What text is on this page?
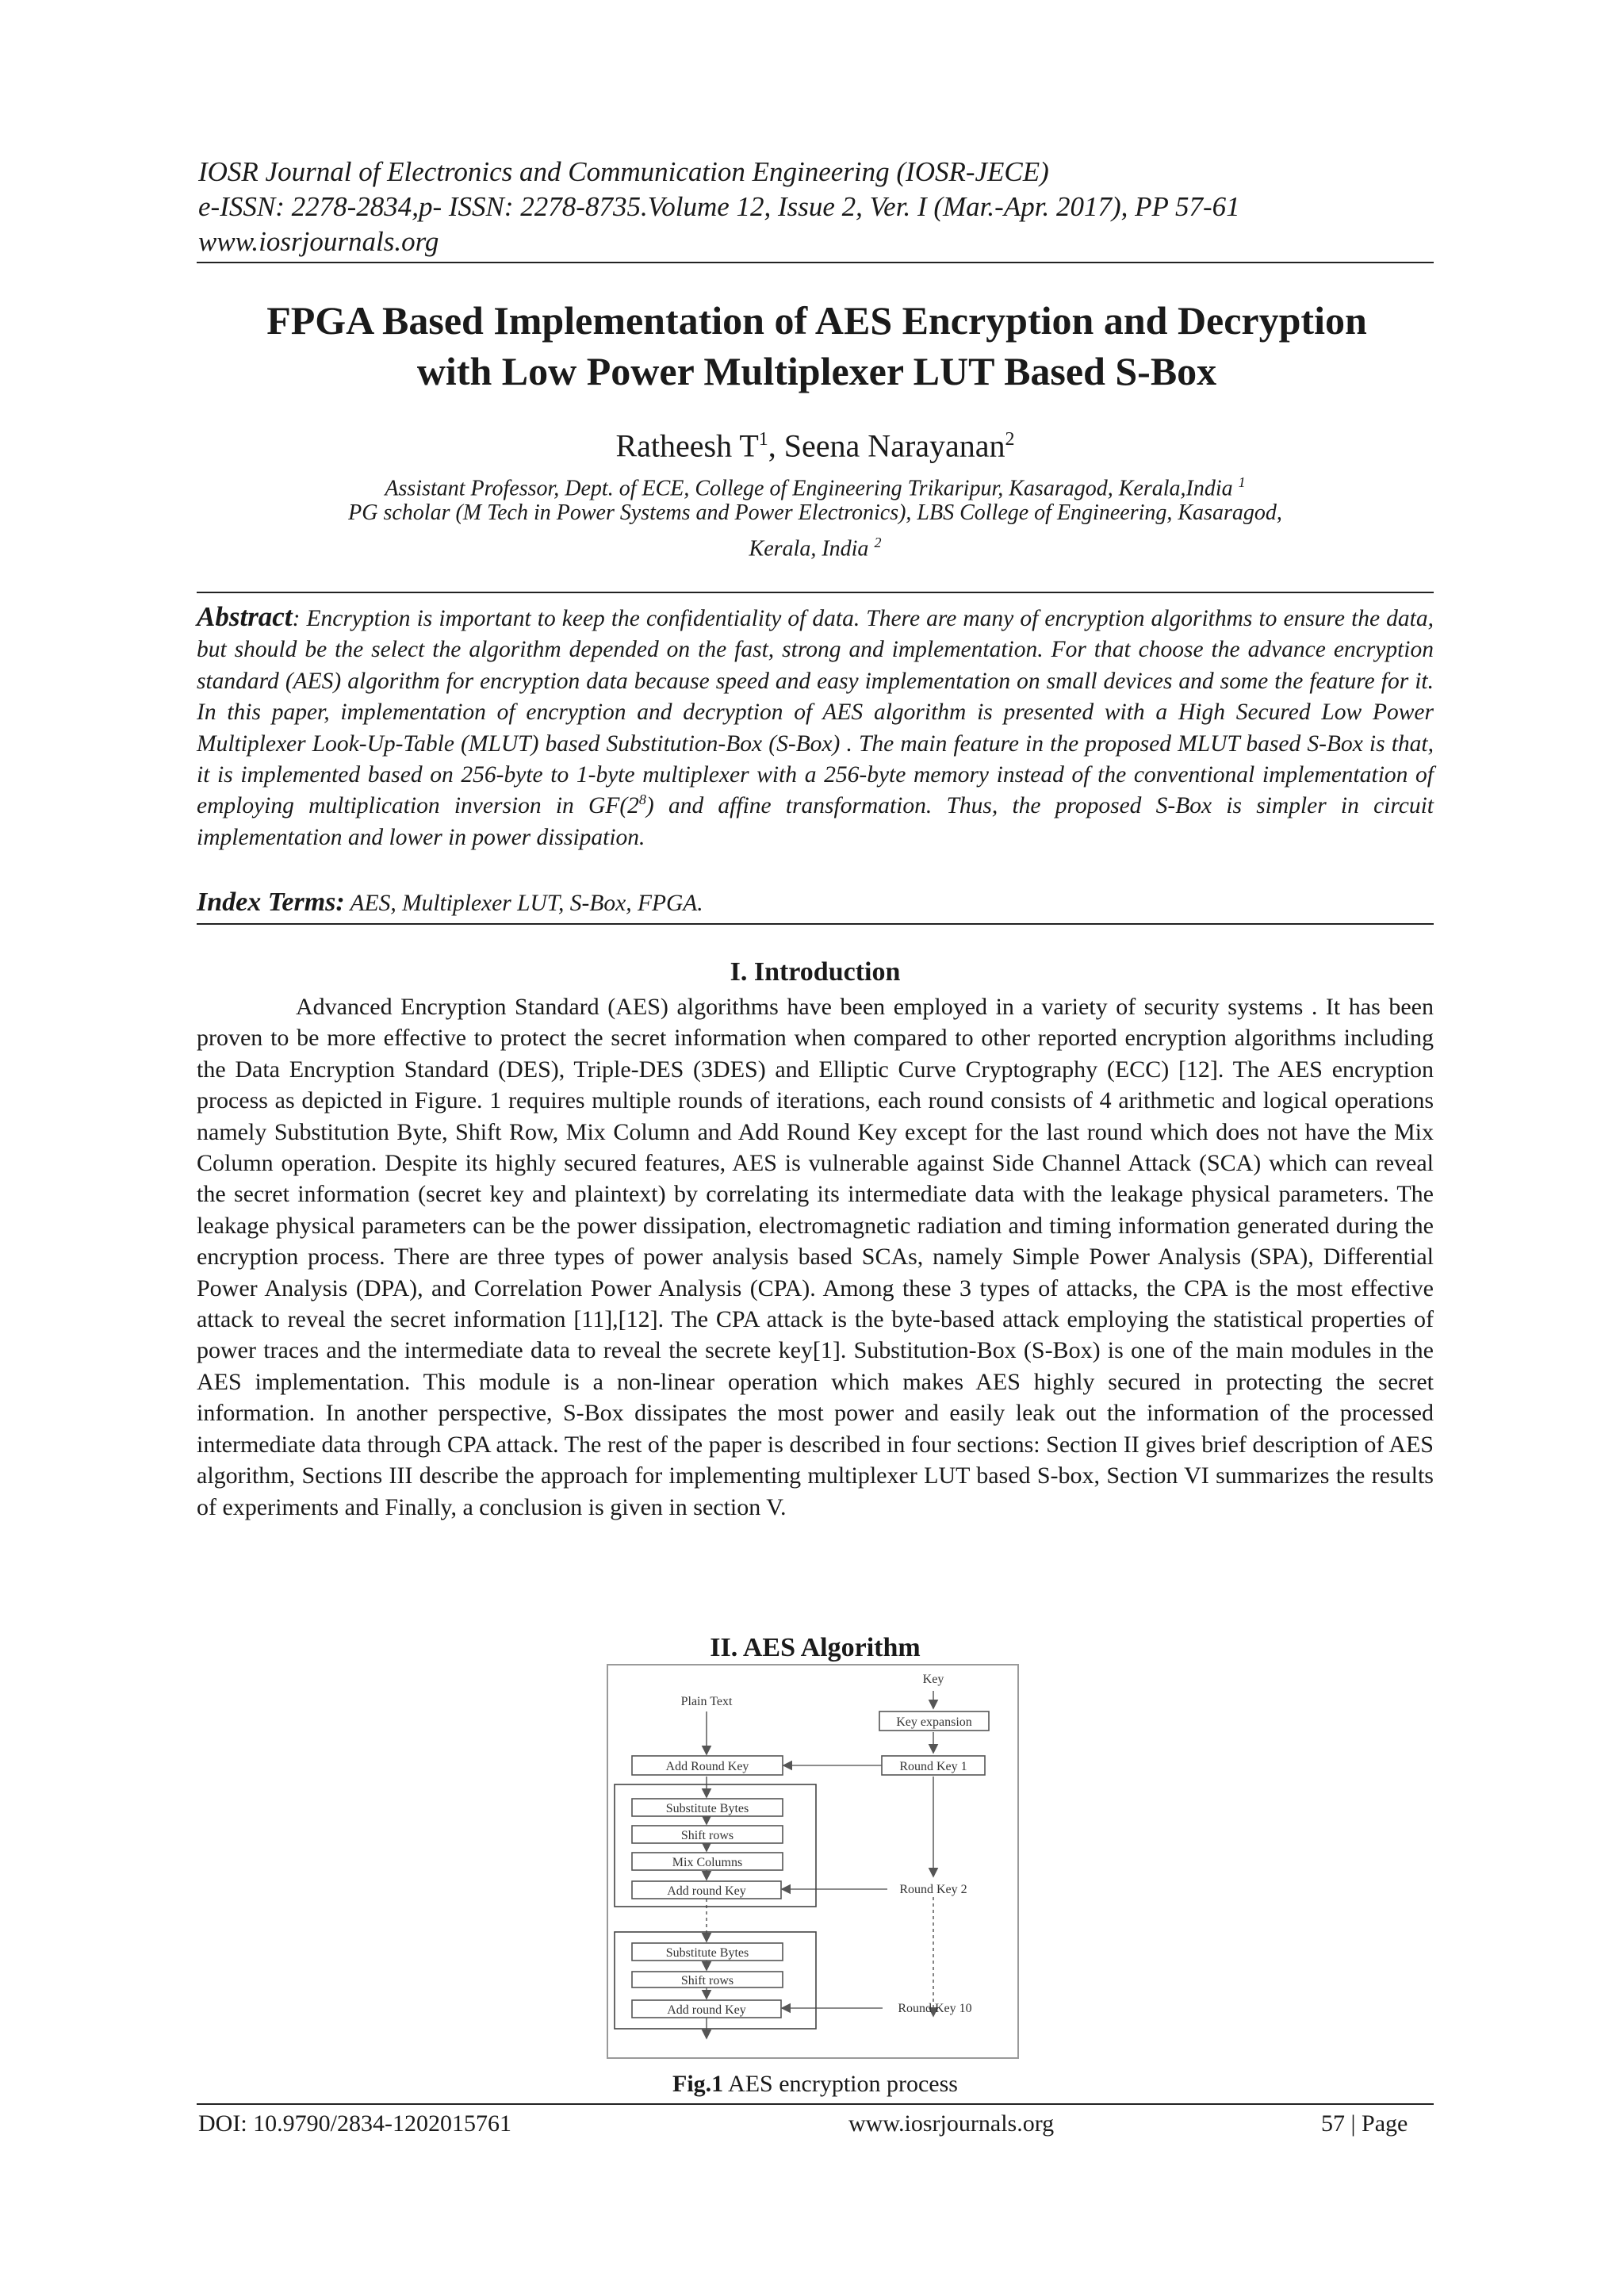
IOSR Journal of Electronics and Communication Engineering (IOSR-JECE)
e-ISSN: 2278-2834,p- ISSN: 2278-8735.Volume 12, Issue 2, Ver. I (Mar.-Apr. 2017), PP 57-61
www.iosrjournals.org
FPGA Based Implementation of AES Encryption and Decryption
with Low Power Multiplexer LUT Based S-Box
Ratheesh $T^1$, Seena Narayanan$^2$
Assistant Professor, Dept. of ECE, College of Engineering Trikaripur, Kasaragod, Kerala,India $^1$
PG scholar (M Tech in Power Systems and Power Electronics), LBS College of Engineering, Kasaragod,
Kerala, India $^2$
Abstract: Encryption is important to keep the confidentiality of data. There are many of encryption algorithms to ensure the data, but should be the select the algorithm depended on the fast, strong and implementation. For that choose the advance encryption standard (AES) algorithm for encryption data because speed and easy implementation on small devices and some the feature for it. In this paper, implementation of encryption and decryption of AES algorithm is presented with a High Secured Low Power Multiplexer Look-Up-Table (MLUT) based Substitution-Box (S-Box) . The main feature in the proposed MLUT based S-Box is that, it is implemented based on 256-byte to 1-byte multiplexer with a 256-byte memory instead of the conventional implementation of employing multiplication inversion in $GF(2^8)$ and affine transformation. Thus, the proposed S-Box is simpler in circuit implementation and lower in power dissipation.
Index Terms: AES, Multiplexer LUT, S-Box, FPGA.
I. Introduction
Advanced Encryption Standard (AES) algorithms have been employed in a variety of security systems . It has been proven to be more effective to protect the secret information when compared to other reported encryption algorithms including the Data Encryption Standard (DES), Triple-DES (3DES) and Elliptic Curve Cryptography (ECC) [12]. The AES encryption process as depicted in Figure. 1 requires multiple rounds of iterations, each round consists of 4 arithmetic and logical operations namely Substitution Byte, Shift Row, Mix Column and Add Round Key except for the last round which does not have the Mix Column operation. Despite its highly secured features, AES is vulnerable against Side Channel Attack (SCA) which can reveal the secret information (secret key and plaintext) by correlating its intermediate data with the leakage physical parameters. The leakage physical parameters can be the power dissipation, electromagnetic radiation and timing information generated during the encryption process. There are three types of power analysis based SCAs, namely Simple Power Analysis (SPA), Differential Power Analysis (DPA), and Correlation Power Analysis (CPA). Among these 3 types of attacks, the CPA is the most effective attack to reveal the secret information [11],[12]. The CPA attack is the byte-based attack employing the statistical properties of power traces and the intermediate data to reveal the secrete key[1]. Substitution-Box (S-Box) is one of the main modules in the AES implementation. This module is a non-linear operation which makes AES highly secured in protecting the secret information. In another perspective, S-Box dissipates the most power and easily leak out the information of the processed intermediate data through CPA attack. The rest of the paper is described in four sections: Section II gives brief description of AES algorithm, Sections III describe the approach for implementing multiplexer LUT based S-box, Section VI summarizes the results of experiments and Finally, a conclusion is given in section V.
II. AES Algorithm
Key
Plain Text
Key expansion
Round Key 1
Add Round Key
Substitute Bytes
Shift rows
Mix Columns
Add round Key	Round Key 2
Substitute Bytes
Shift rows
Add round Key	Round Key 10
Fig.1 AES encryption process
DOI: 10.9790/2834-1202015761	www.iosrjournals.org	57 | Page
